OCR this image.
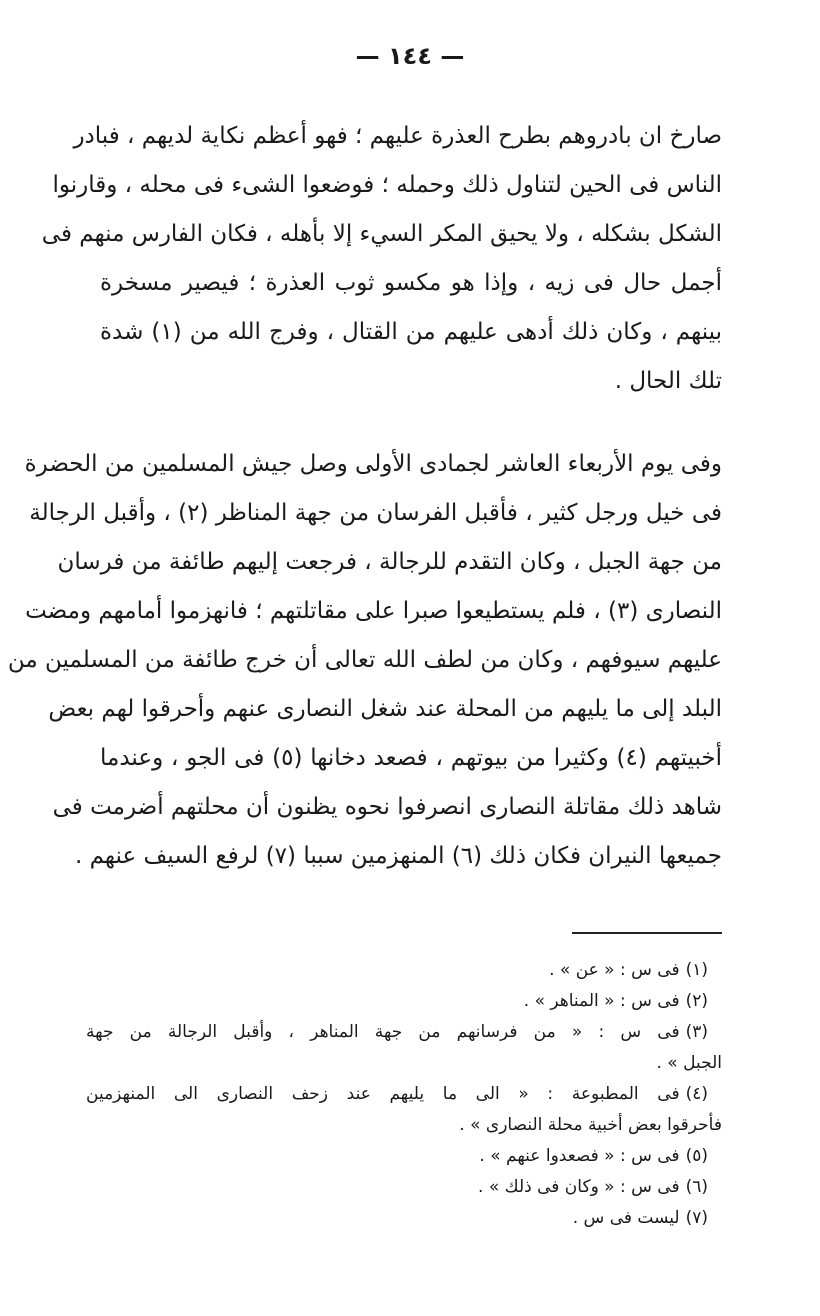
— ١٤٤ —
صارخ ان بادروهم بطرح العذرة عليهم ؛ فهو أعظم نكاية لديهم ، فبادر
الناس فى الحين لتناول ذلك وحمله ؛ فوضعوا الشىء فى محله ، وقارنوا
الشكل بشكله ، ولا يحيق المكر السيء إلا بأهله ، فكان الفارس منهم فى
أجمل حال فى زيه ، وإذا هو مكسو ثوب العذرة ؛ فيصير مسخرة
بينهم ، وكان ذلك أدهى عليهم من القتال ، وفرج الله من (١) شدة
تلك الحال .
وفى يوم الأربعاء العاشر لجمادى الأولى وصل جيش المسلمين من الحضرة
فى خيل ورجل كثير ، فأقبل الفرسان من جهة المناظر (٢) ، وأقبل الرجالة
من جهة الجبل ، وكان التقدم للرجالة ، فرجعت إليهم طائفة من فرسان
النصارى (٣) ، فلم يستطيعوا صبرا على مقاتلتهم ؛ فانهزموا أمامهم ومضت
عليهم سيوفهم ، وكان من لطف الله تعالى أن خرج طائفة من المسلمين من
البلد إلى ما يليهم من المحلة عند شغل النصارى عنهم وأحرقوا لهم بعض
أخبيتهم (٤) وكثيرا من بيوتهم ، فصعد دخانها (٥) فى الجو ، وعندما
شاهد ذلك مقاتلة النصارى انصرفوا نحوه يظنون أن محلتهم أضرمت فى
جميعها النيران فكان ذلك (٦) المنهزمين سببا (٧) لرفع السيف عنهم .
(١)فى س : « عن » .
(٢)فى س : « المناهر » .
(٣)فى س : « من فرسانهم من جهة المناهر ، وأقبل الرجالة من جهة
الجبل » .
(٤)فى المطبوعة : « الى ما يليهم عند زحف النصارى الى المنهزمين
فأحرقوا بعض أخبية محلة النصارى » .
(٥)فى س : « فصعدوا عنهم » .
(٦)فى س : « وكان فى ذلك » .
(٧)ليست فى س .
